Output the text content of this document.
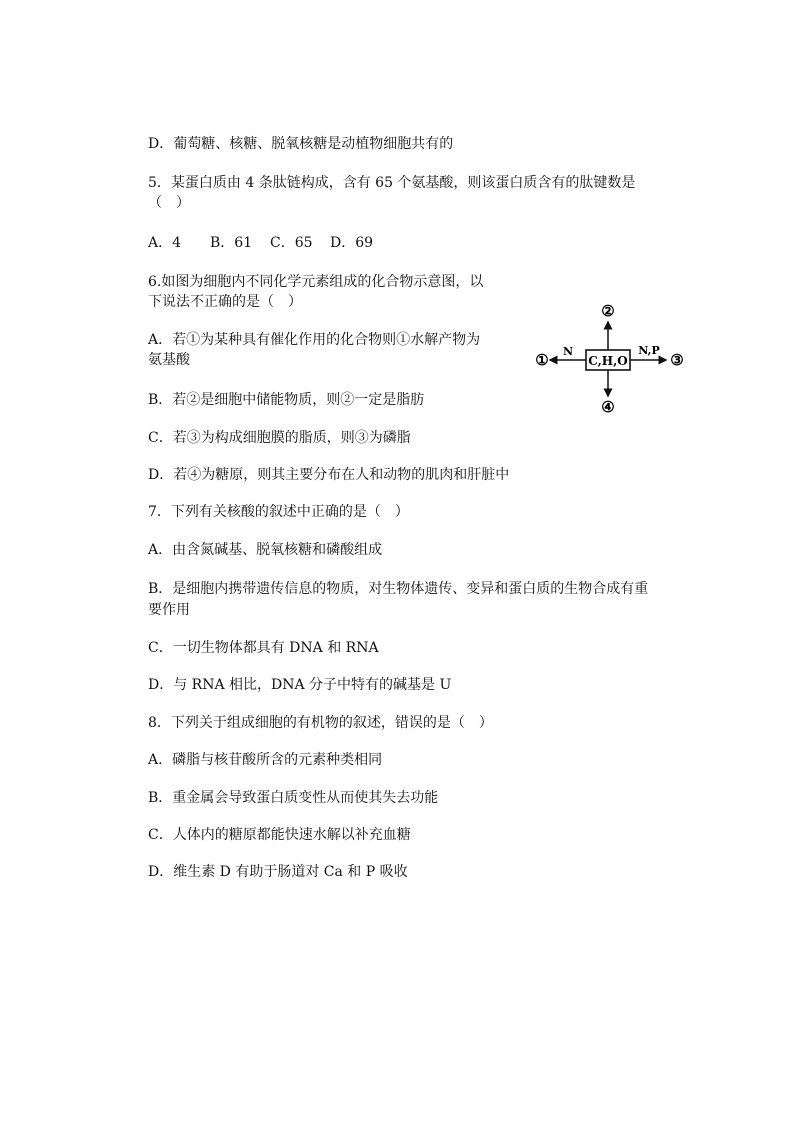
D．葡萄糖、核糖、脱氧核糖是动植物细胞共有的
5．某蛋白质由 4 条肽链构成，含有 65 个氨基酸，则该蛋白质含有的肽键数是
（　）
A．4 B．61 C．65 D．69
6.如图为细胞内不同化学元素组成的化合物示意图，以
下说法不正确的是（　）
A．若①为某种具有催化作用的化合物则①水解产物为
氨基酸
B．若②是细胞中储能物质，则②一定是脂肪
C．若③为构成细胞膜的脂质，则③为磷脂
D．若④为糖原，则其主要分布在人和动物的肌肉和肝脏中
C,H,O
N	N,P
②
①	③
④
7．下列有关核酸的叙述中正确的是（　）
A．由含氮碱基、脱氧核糖和磷酸组成
B．是细胞内携带遗传信息的物质，对生物体遗传、变异和蛋白质的生物合成有重
要作用
C．一切生物体都具有 DNA 和 RNA
D．与 RNA 相比，DNA 分子中特有的碱基是 U
8．下列关于组成细胞的有机物的叙述，错误的是（　）
A．磷脂与核苷酸所含的元素种类相同
B．重金属会导致蛋白质变性从而使其失去功能
C．人体内的糖原都能快速水解以补充血糖
D．维生素 D 有助于肠道对 Ca 和 P 吸收
